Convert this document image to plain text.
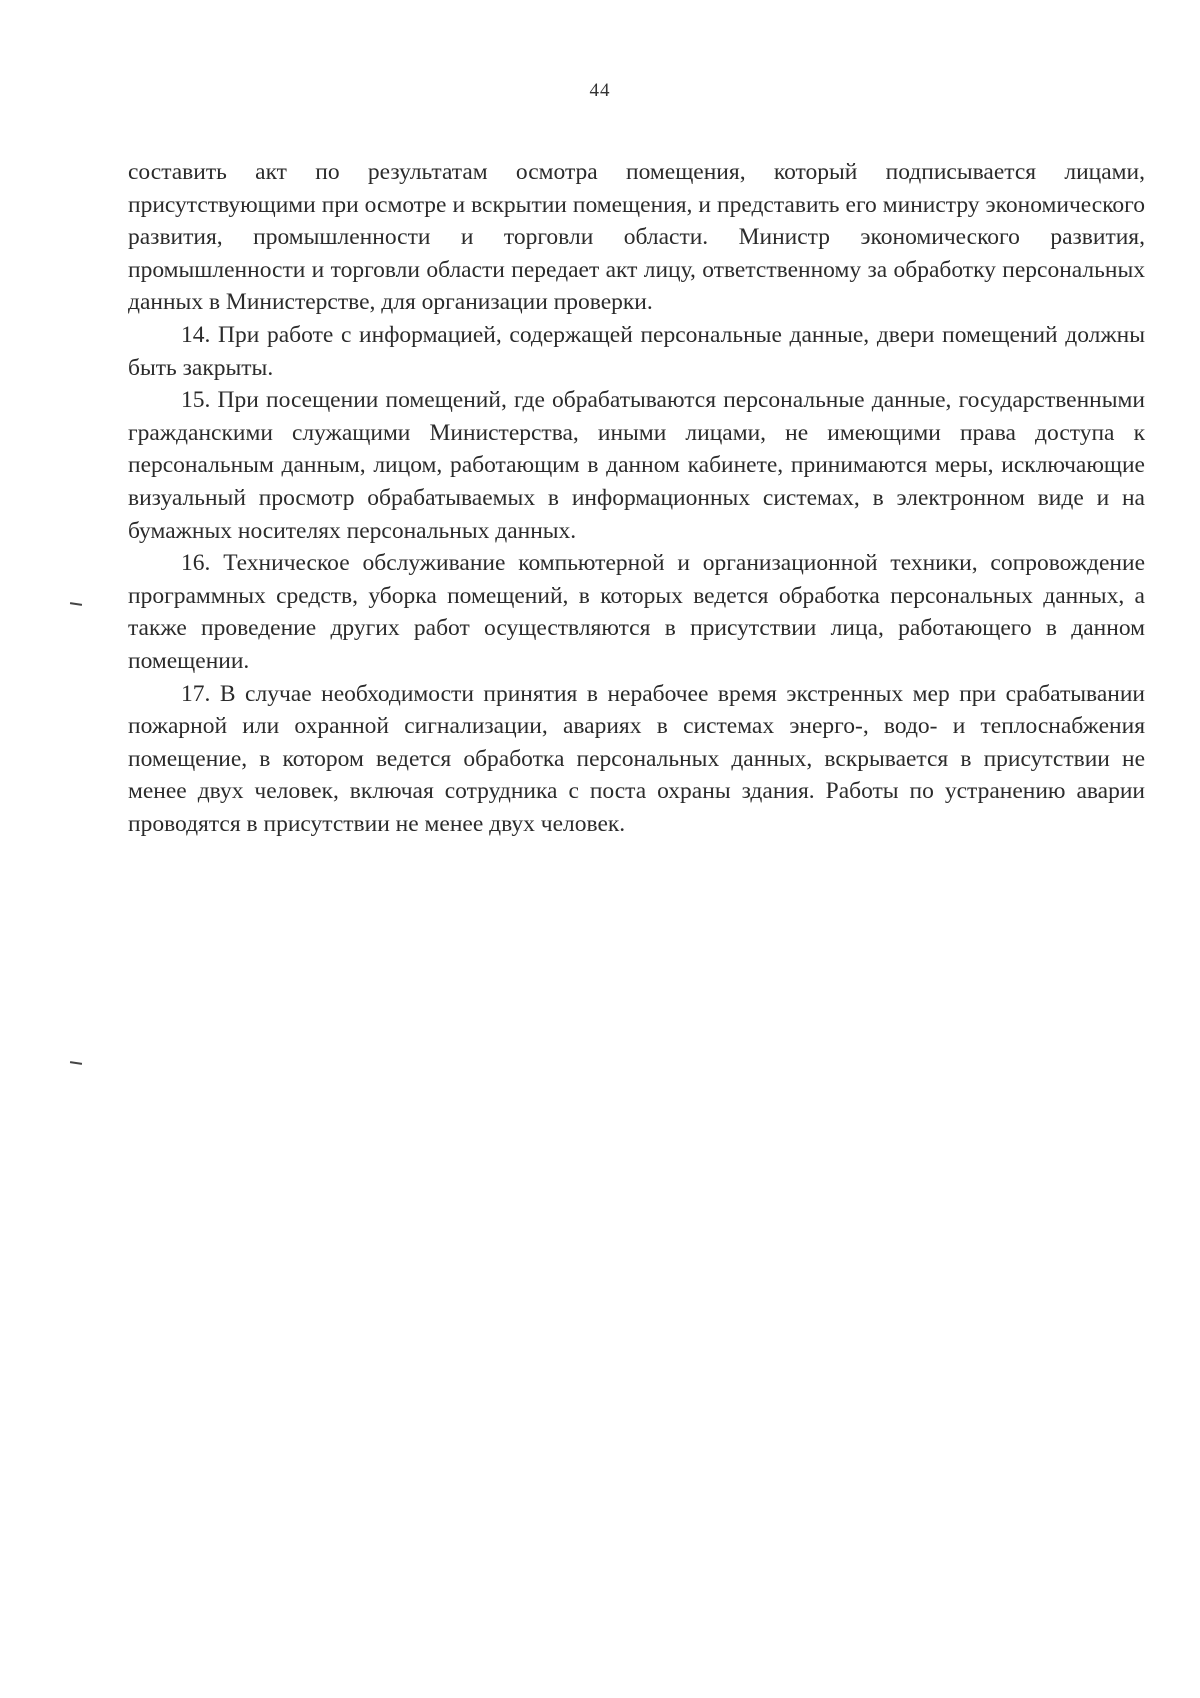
44

составить акт по результатам осмотра помещения, который подписывается лицами, присутствующими при осмотре и вскрытии помещения, и представить его министру экономического развития, промышленности и торговли области. Министр экономического развития, промышленности и торговли области передает акт лицу, ответственному за обработку персональных данных в Министерстве, для организации проверки.

14. При работе с информацией, содержащей персональные данные, двери помещений должны быть закрыты.

15. При посещении помещений, где обрабатываются персональные данные, государственными гражданскими служащими Министерства, иными лицами, не имеющими права доступа к персональным данным, лицом, работающим в данном кабинете, принимаются меры, исключающие визуальный просмотр обрабатываемых в информационных системах, в электронном виде и на бумажных носителях персональных данных.

16. Техническое обслуживание компьютерной и организационной техники, сопровождение программных средств, уборка помещений, в которых ведется обработка персональных данных, а также проведение других работ осуществляются в присутствии лица, работающего в данном помещении.

17. В случае необходимости принятия в нерабочее время экстренных мер при срабатывании пожарной или охранной сигнализации, авариях в системах энерго-, водо- и теплоснабжения помещение, в котором ведется обработка персональных данных, вскрывается в присутствии не менее двух человек, включая сотрудника с поста охраны здания. Работы по устранению аварии проводятся в присутствии не менее двух человек.
